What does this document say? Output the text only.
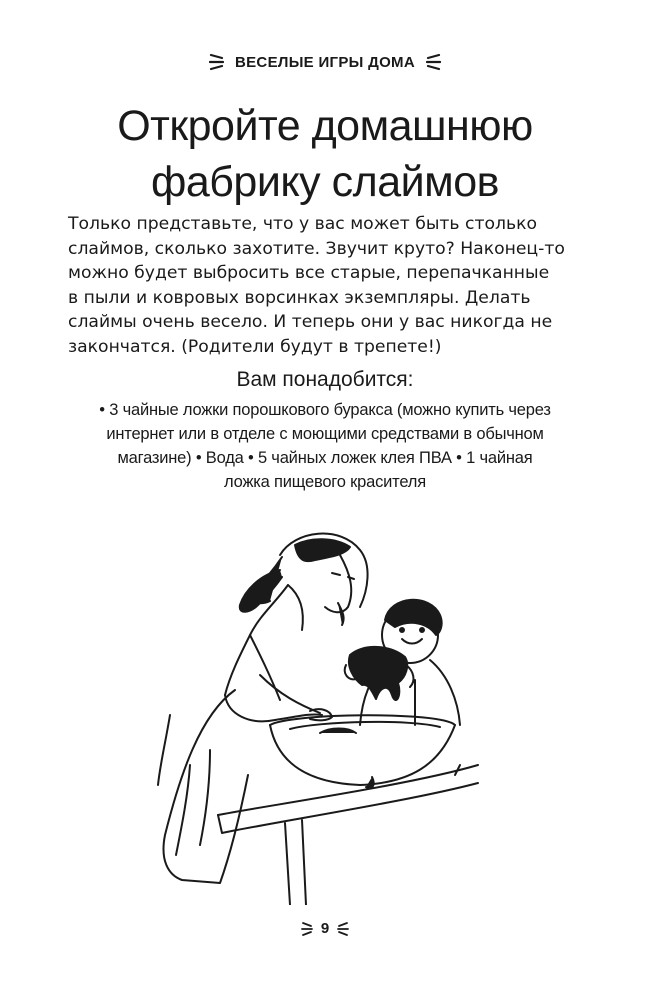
ВЕСЕЛЫЕ ИГРЫ ДОМА
Откройте домашнюю
фабрику слаймов

Только представьте, что у вас может быть столько
слаймов, сколько захотите. Звучит круто? Наконец-то
можно будет выбросить все старые, перепачканные
в пыли и ковровых ворсинках экземпляры. Делать
слаймы очень весело. И теперь они у вас никогда не
закончатся. (Родители будут в трепете!)

Вам понадобится:
• 3 чайные ложки порошкового буракса (можно купить через
интернет или в отделе с моющими средствами в обычном
магазине) • Вода • 5 чайных ложек клея ПВА • 1 чайная
ложка пищевого красителя
9
